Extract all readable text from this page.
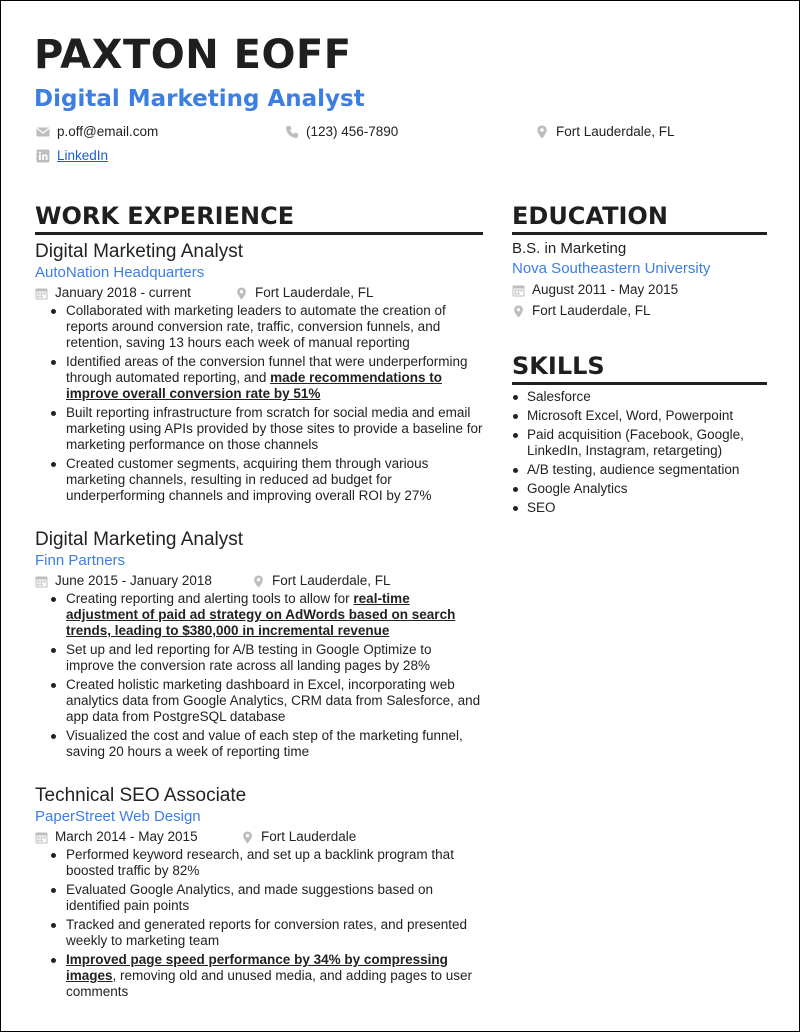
PAXTON EOFF
Digital Marketing Analyst
p.off@email.com	(123) 456-7890	Fort Lauderdale, FL
LinkedIn
WORK EXPERIENCE

Digital Marketing Analyst

AutoNation Headquarters

January 2018 - current	Fort Lauderdale, FL
Collaborated with marketing leaders to automate the creation of reports around conversion rate, traffic, conversion funnels, and retention, saving 13 hours each week of manual reporting
Identified areas of the conversion funnel that were underperforming through automated reporting, and made recommendations to improve overall conversion rate by 51%
Built reporting infrastructure from scratch for social media and email marketing using APIs provided by those sites to provide a baseline for marketing performance on those channels
Created customer segments, acquiring them through various marketing channels, resulting in reduced ad budget for underperforming channels and improving overall ROI by 27%

Digital Marketing Analyst

Finn Partners

June 2015 - January 2018	Fort Lauderdale, FL
Creating reporting and alerting tools to allow for real-time adjustment of paid ad strategy on AdWords based on search trends, leading to $380,000 in incremental revenue
Set up and led reporting for A/B testing in Google Optimize to improve the conversion rate across all landing pages by 28%
Created holistic marketing dashboard in Excel, incorporating web analytics data from Google Analytics, CRM data from Salesforce, and app data from PostgreSQL database
Visualized the cost and value of each step of the marketing funnel, saving 20 hours a week of reporting time

Technical SEO Associate

PaperStreet Web Design

March 2014 - May 2015	Fort Lauderdale
Performed keyword research, and set up a backlink program that boosted traffic by 82%
Evaluated Google Analytics, and made suggestions based on identified pain points
Tracked and generated reports for conversion rates, and presented weekly to marketing team
Improved page speed performance by 34% by compressing images, removing old and unused media, and adding pages to user comments
EDUCATION

B.S. in Marketing

Nova Southeastern University

August 2011 - May 2015
Fort Lauderdale, FL
SKILLS
Salesforce
Microsoft Excel, Word, Powerpoint
Paid acquisition (Facebook, Google, LinkedIn, Instagram, retargeting)
A/B testing, audience segmentation
Google Analytics
SEO
